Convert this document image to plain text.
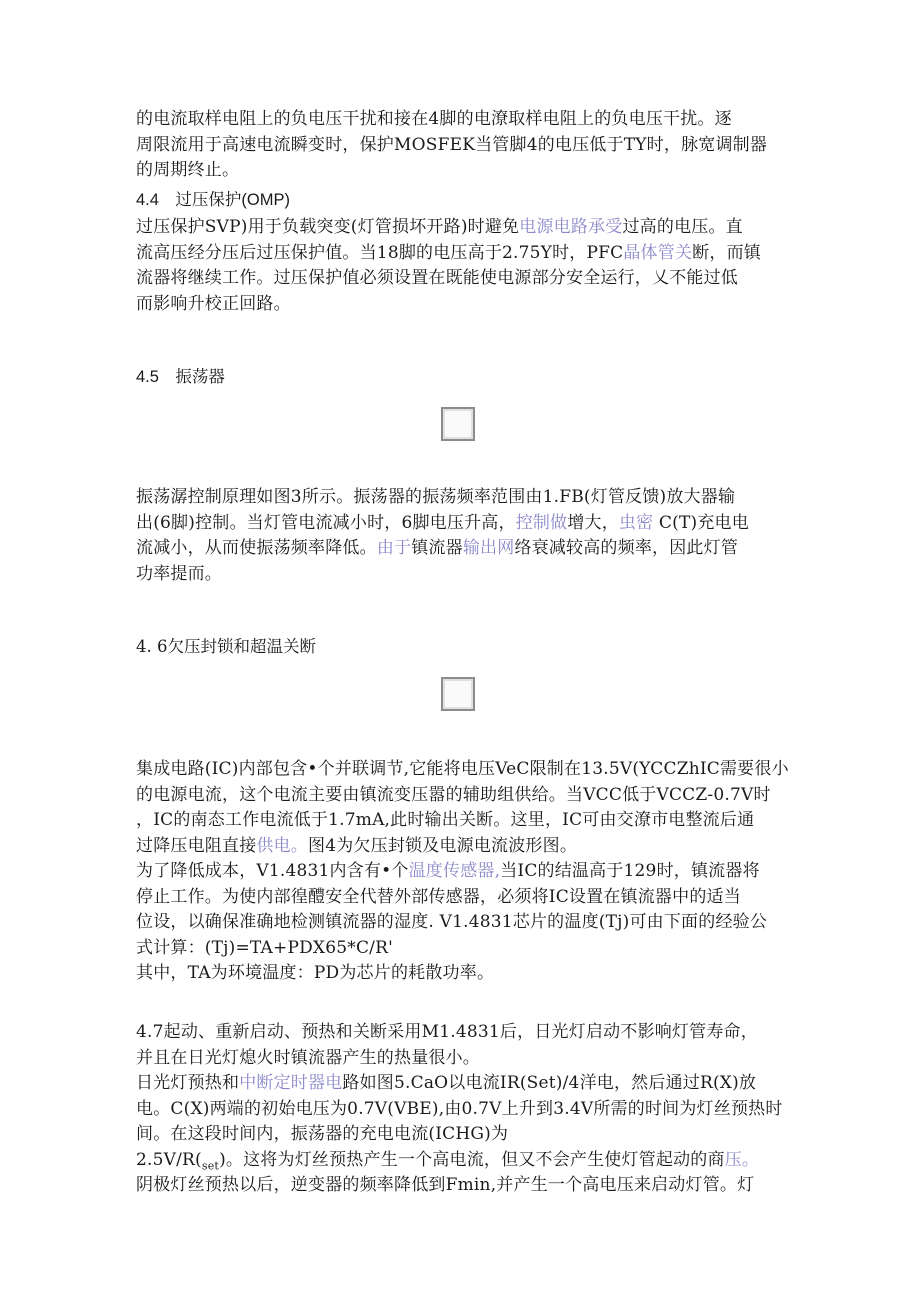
的电流取样电阻上的负电压干扰和接在4脚的电潦取样电阻上的负电压干扰。逐
周限流用于高速电流瞬变时，保护MOSFEK当管脚4的电压低于TY时，脉宽调制器
的周期终止。
4.4　过压保护(OMP)
过压保护SVP)用于负载突变(灯管损坏开路)时避免电源电路承受过高的电压。直
流高压经分压后过压保护值。当18脚的电压高于2.75Y时，PFC晶体管关断，而镇
流器将继续工作。过压保护值必须设置在既能使电源部分安全运行，乂不能过低
而影响升校正回路。
4.5　振荡器
振荡潺控制原理如图3所示。振荡器的振荡频率范围由1.FB(灯管反馈)放大器输
出(6脚)控制。当灯管电流减小时，6脚电压升高，控制做增大，虫密 C(T)充电电
流减小，从而使振荡频率降低。由于镇流器输出网络衰减较高的频率，因此灯管
功率提而。
4. 6欠压封锁和超温关断
集成电路(IC)内部包含•个并联调节,它能将电压VeC限制在13.5V(YCCZhIC需要很小
的电源电流，这个电流主要由镇流变压嚣的辅助组供给。当VCC低于VCCZ-0.7V时
，IC的南态工作电流低于1.7mA,此时输出关断。这里，IC可由交潦市电整流后通
过降压电阻直接供电。图4为欠压封锁及电源电流波形图。
为了降低成本，V1.4831内含有•个温度传感器,当IC的结温高于129时，镇流器将
停止工作。为使内部徨醴安全代替外部传感器，必须将IC设置在镇流器中的适当
位设，以确保准确地检测镇流器的湿度. V1.4831芯片的温度(Tj)可由下面的经验公
式计算：(Tj)=TA+PDX65*C/R'
其中，TA为环境温度：PD为芯片的耗散功率。
4.7起动、重新启动、预热和关断采用M1.4831后，日光灯启动不影响灯管寿命，
并且在日光灯熄火时镇流器产生的热量很小。
日光灯预热和中断定时器电路如图5.CaO以电流IR(Set)/4洋电，然后通过R(X)放
电。C(X)两端的初始电压为0.7V(VBE),由0.7V上升到3.4V所需的时间为灯丝预热时
间。在这段时间内，振荡器的充电电流(ICHG)为
$2.5V/R(_{set})$。这将为灯丝预热产生一个高电流，但又不会产生使灯管起动的商压。
阴极灯丝预热以后，逆变器的频率降低到Fmin,并产生一个高电压来启动灯管。灯
